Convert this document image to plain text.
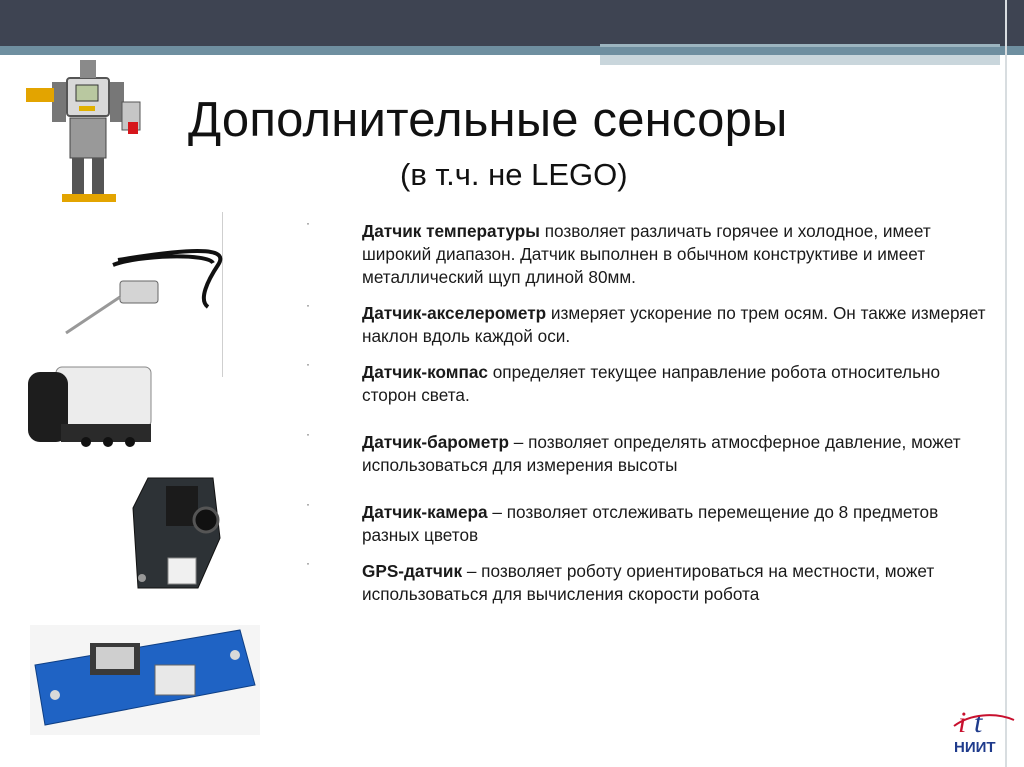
Дополнительные сенсоры
(в т.ч. не LEGO)
·	Датчик температуры позволяет различать горячее и холодное, имеет широкий диапазон. Датчик выполнен в обычном конструктиве и имеет металлический щуп длиной 80мм.
·	Датчик-акселерометр измеряет ускорение по трем осям. Он также измеряет наклон вдоль каждой оси.
·	Датчик-компас определяет текущее направление робота относительно сторон света.
·	Датчик-барометр – позволяет определять атмосферное давление, может использоваться для измерения высоты
·	Датчик-камера – позволяет отслеживать перемещение до 8 предметов разных цветов
·	GPS-датчик – позволяет роботу ориентироваться на местности, может использоваться для вычисления скорости робота
i t
НИИТ
